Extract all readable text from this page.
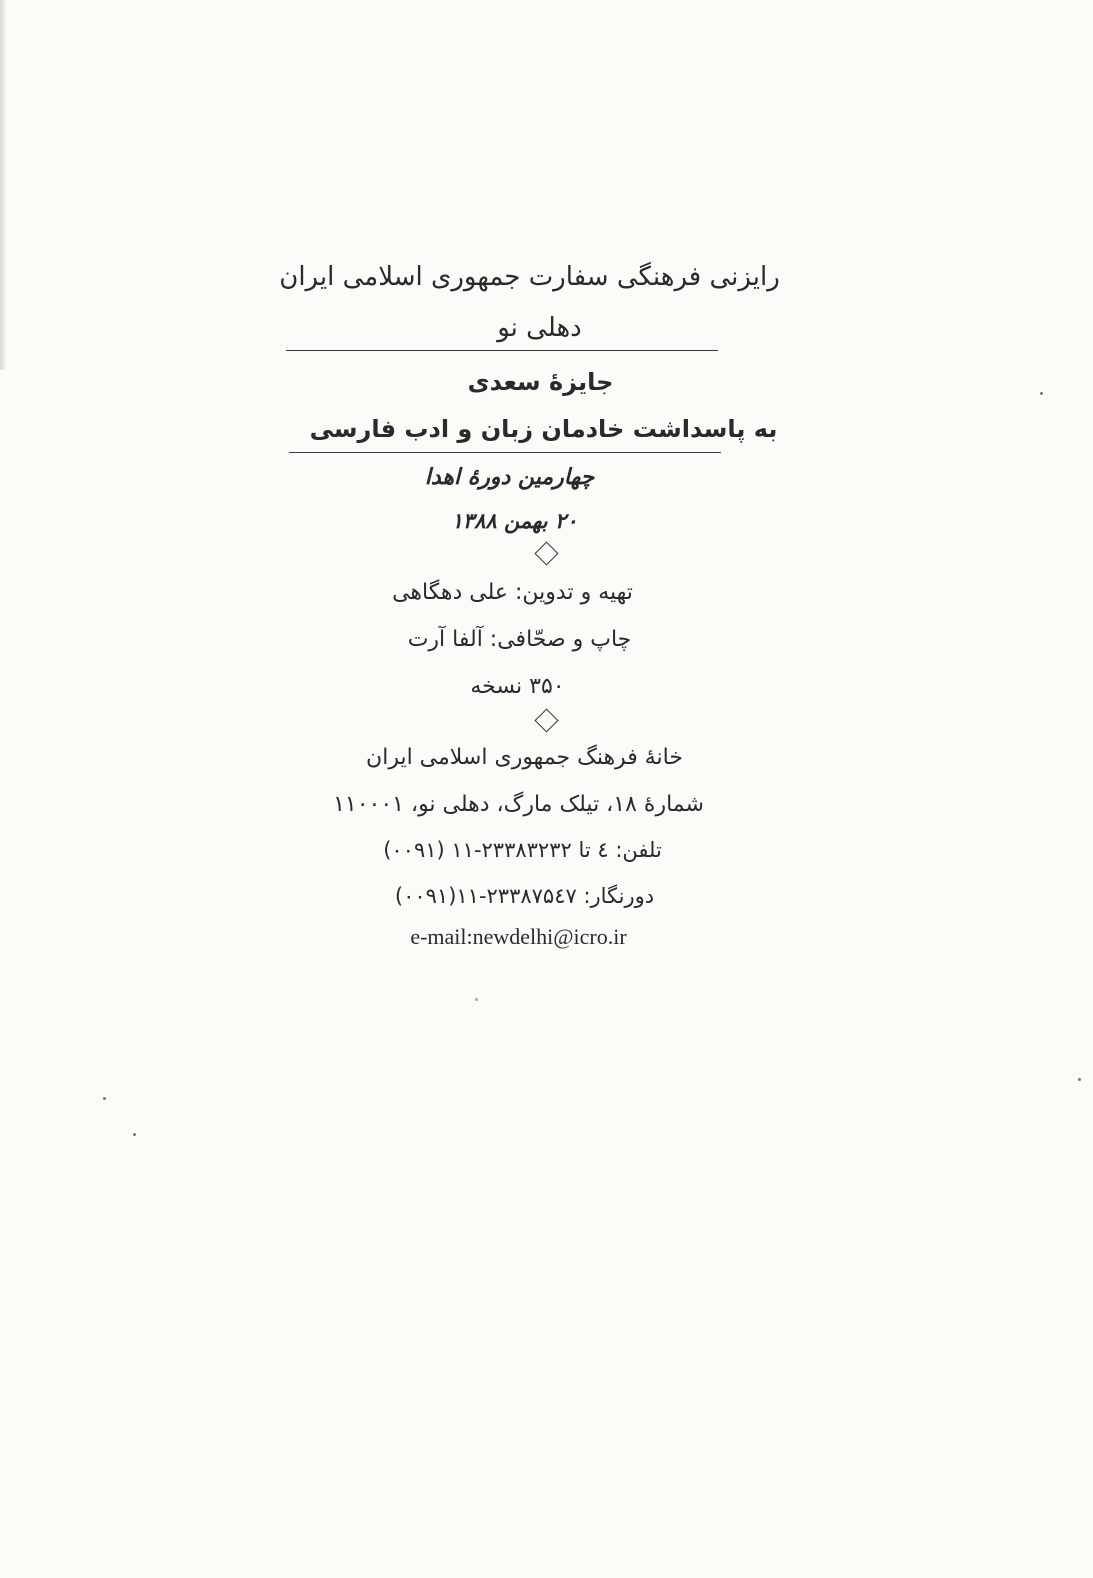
رایزنی فرهنگی سفارت جمهوری اسلامی ایران
دهلی نو
جایزهٔ سعدی
به پاسداشت خادمان زبان و ادب فارسی
چهارمین دورهٔ اهدا
۲۰ بهمن ۱۳۸۸
تهیه و تدوین: علی دهگاهی
چاپ و صحّافی: آلفا آرت
۳۵۰ نسخه
خانهٔ فرهنگ جمهوری اسلامی ایران
شمارهٔ ۱۸، تیلک مارگ، دهلی نو، ۱۱۰۰۰۱
تلفن: ٤ تا ۲۳۳۸۳۲۳۲-۱۱ (۰۰۹۱)
دورنگار: ۲۳۳۸۷۵٤۷-۱۱(۰۰۹۱)
e-mail:newdelhi@icro.ir
